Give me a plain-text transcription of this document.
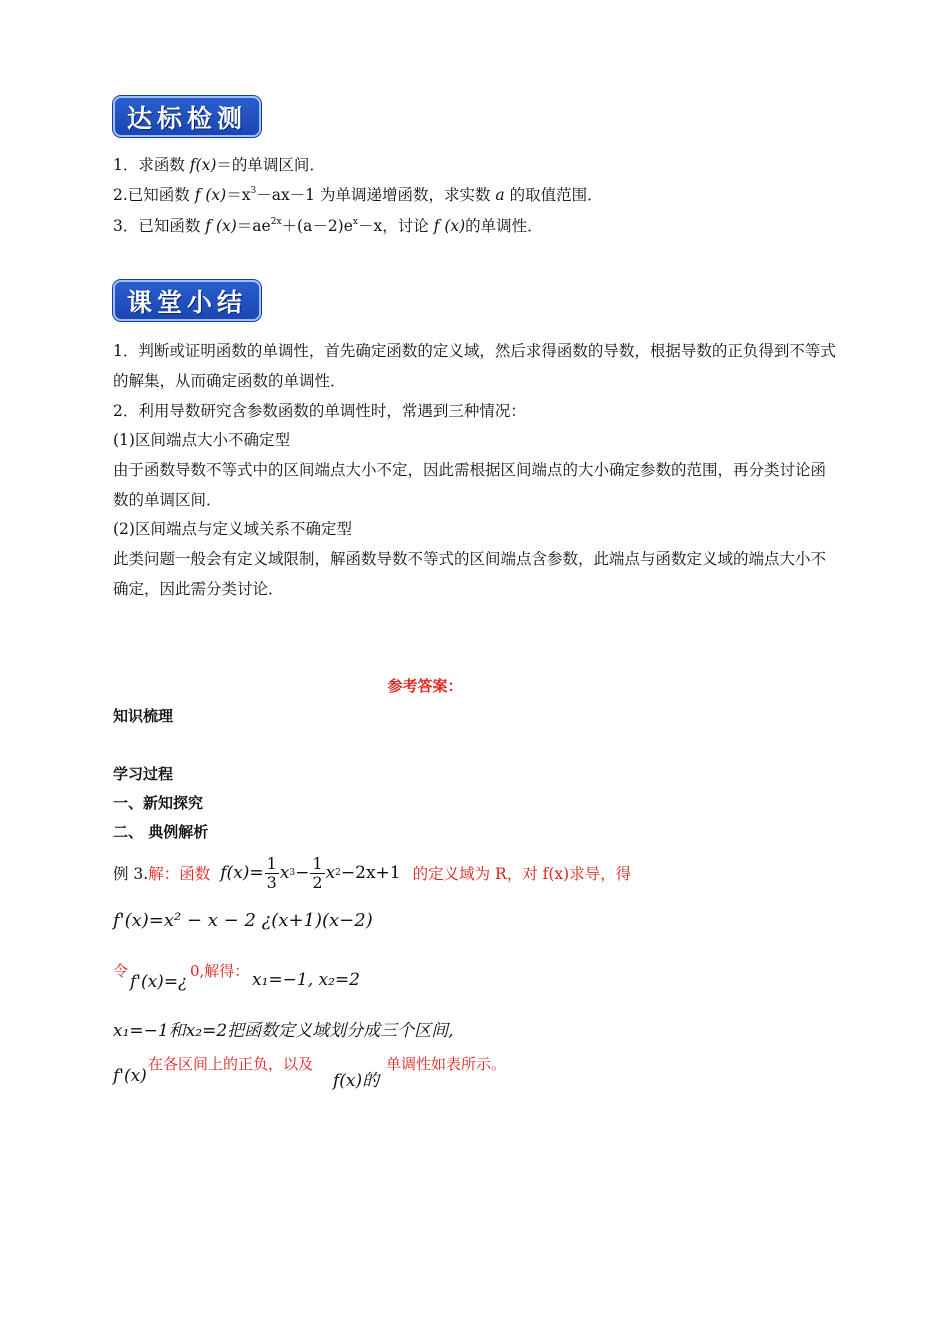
达标检测
1．求函数 f(x)＝的单调区间．
2.已知函数 f $(x)=x^3-ax-1$ 为单调递增函数，求实数 a 的取值范围．
3．已知函数 f $(x)=ae^{2x}+(a-2)e^x-x$，讨论 f (x)的单调性．
课堂小结
1．判断或证明函数的单调性，首先确定函数的定义域，然后求得函数的导数，根据导数的正负得到不等式的解集，从而确定函数的单调性．
2．利用导数研究含参数函数的单调性时，常遇到三种情况：
(1)区间端点大小不确定型
由于函数导数不等式中的区间端点大小不定，因此需根据区间端点的大小确定参数的范围，再分类讨论函数的单调区间．
(2)区间端点与定义域关系不确定型
此类问题一般会有定义域限制，解函数导数不等式的区间端点含参数，此端点与函数定义域的端点大小不确定，因此需分类讨论．
参考答案：
知识梳理
学习过程
一、新知探究
二、 典例解析
例 3. 解：函数 $f(x)= \frac{1}{3}$ x $3 - \frac{1}{2}$ x 2 −2x+1 的定义域为 R，对 f(x)求导，得
f'(x)=x² − x − 2 ¿(x+1)(x−2)
令
f'(x)=¿
0,解得： x₁=−1, x₂=2
x₁=−1和x₂=2把函数定义域划分成三个区间,
f'(x)
在各区间上的正负，以及
f(x)的
单调性如表所示。
